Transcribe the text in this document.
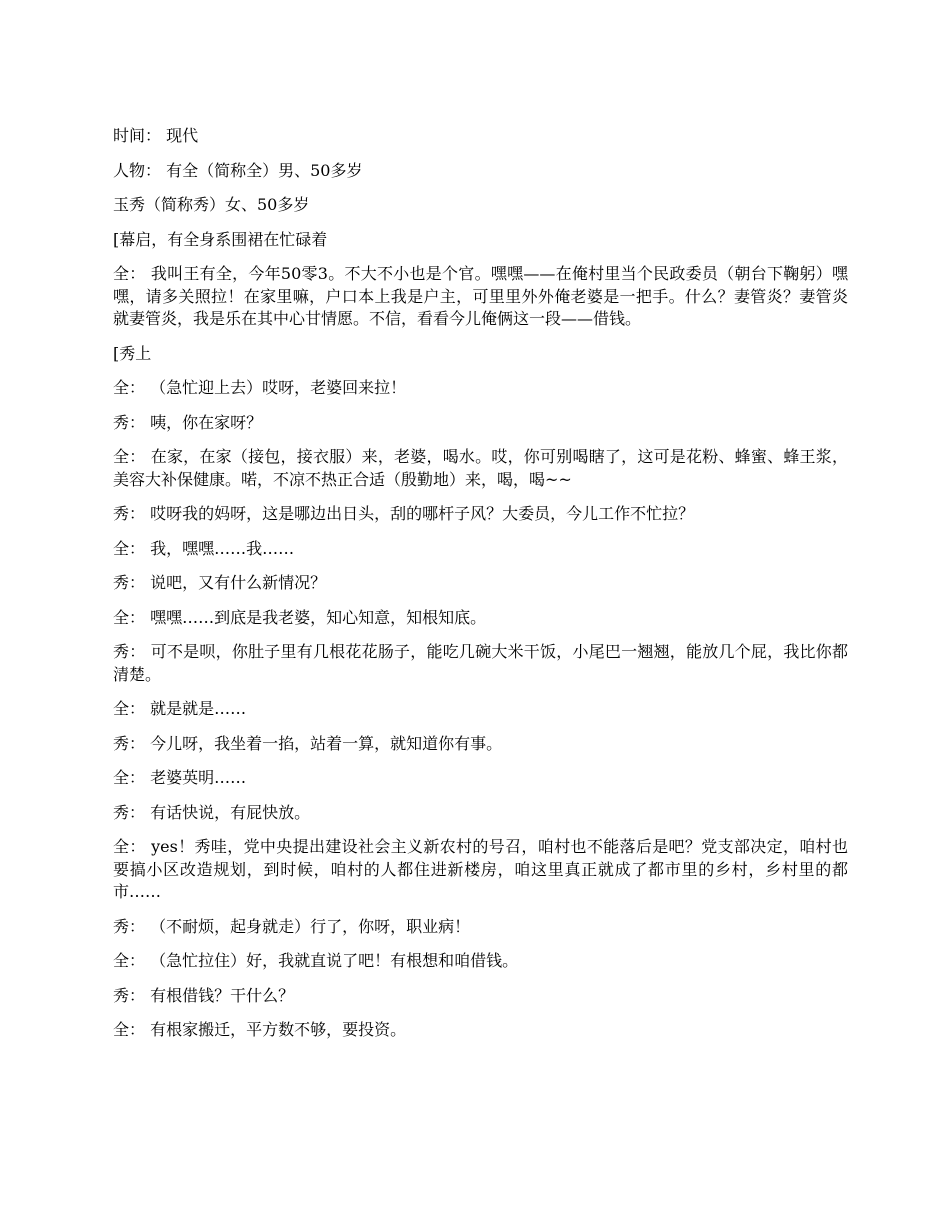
时间： 现代

人物： 有全（简称全）男、50多岁

玉秀（简称秀）女、50多岁

[幕启，有全身系围裙在忙碌着

全： 我叫王有全，今年50零3。不大不小也是个官。嘿嘿——在俺村里当个民政委员（朝台下鞠躬）嘿嘿，请多关照拉！在家里嘛，户口本上我是户主，可里里外外俺老婆是一把手。什么？妻管炎？妻管炎就妻管炎，我是乐在其中心甘情愿。不信，看看今儿俺俩这一段——借钱。

[秀上

全： （急忙迎上去）哎呀，老婆回来拉！

秀： 咦，你在家呀？

全： 在家，在家（接包，接衣服）来，老婆，喝水。哎，你可别喝瞎了，这可是花粉、蜂蜜、蜂王浆，美容大补保健康。喏，不凉不热正合适（殷勤地）来，喝，喝~~

秀： 哎呀我的妈呀，这是哪边出日头，刮的哪杆子风？大委员，今儿工作不忙拉？

全： 我，嘿嘿……我……

秀： 说吧，又有什么新情况？

全： 嘿嘿……到底是我老婆，知心知意，知根知底。

秀： 可不是呗，你肚子里有几根花花肠子，能吃几碗大米干饭，小尾巴一翘翘，能放几个屁，我比你都清楚。

全： 就是就是……

秀： 今儿呀，我坐着一掐，站着一算，就知道你有事。

全： 老婆英明……

秀： 有话快说，有屁快放。

全： yes！秀哇，党中央提出建设社会主义新农村的号召，咱村也不能落后是吧？党支部决定，咱村也要搞小区改造规划，到时候，咱村的人都住进新楼房，咱这里真正就成了都市里的乡村，乡村里的都市……

秀： （不耐烦，起身就走）行了，你呀，职业病！

全： （急忙拉住）好，我就直说了吧！有根想和咱借钱。

秀： 有根借钱？干什么？

全： 有根家搬迁，平方数不够，要投资。
